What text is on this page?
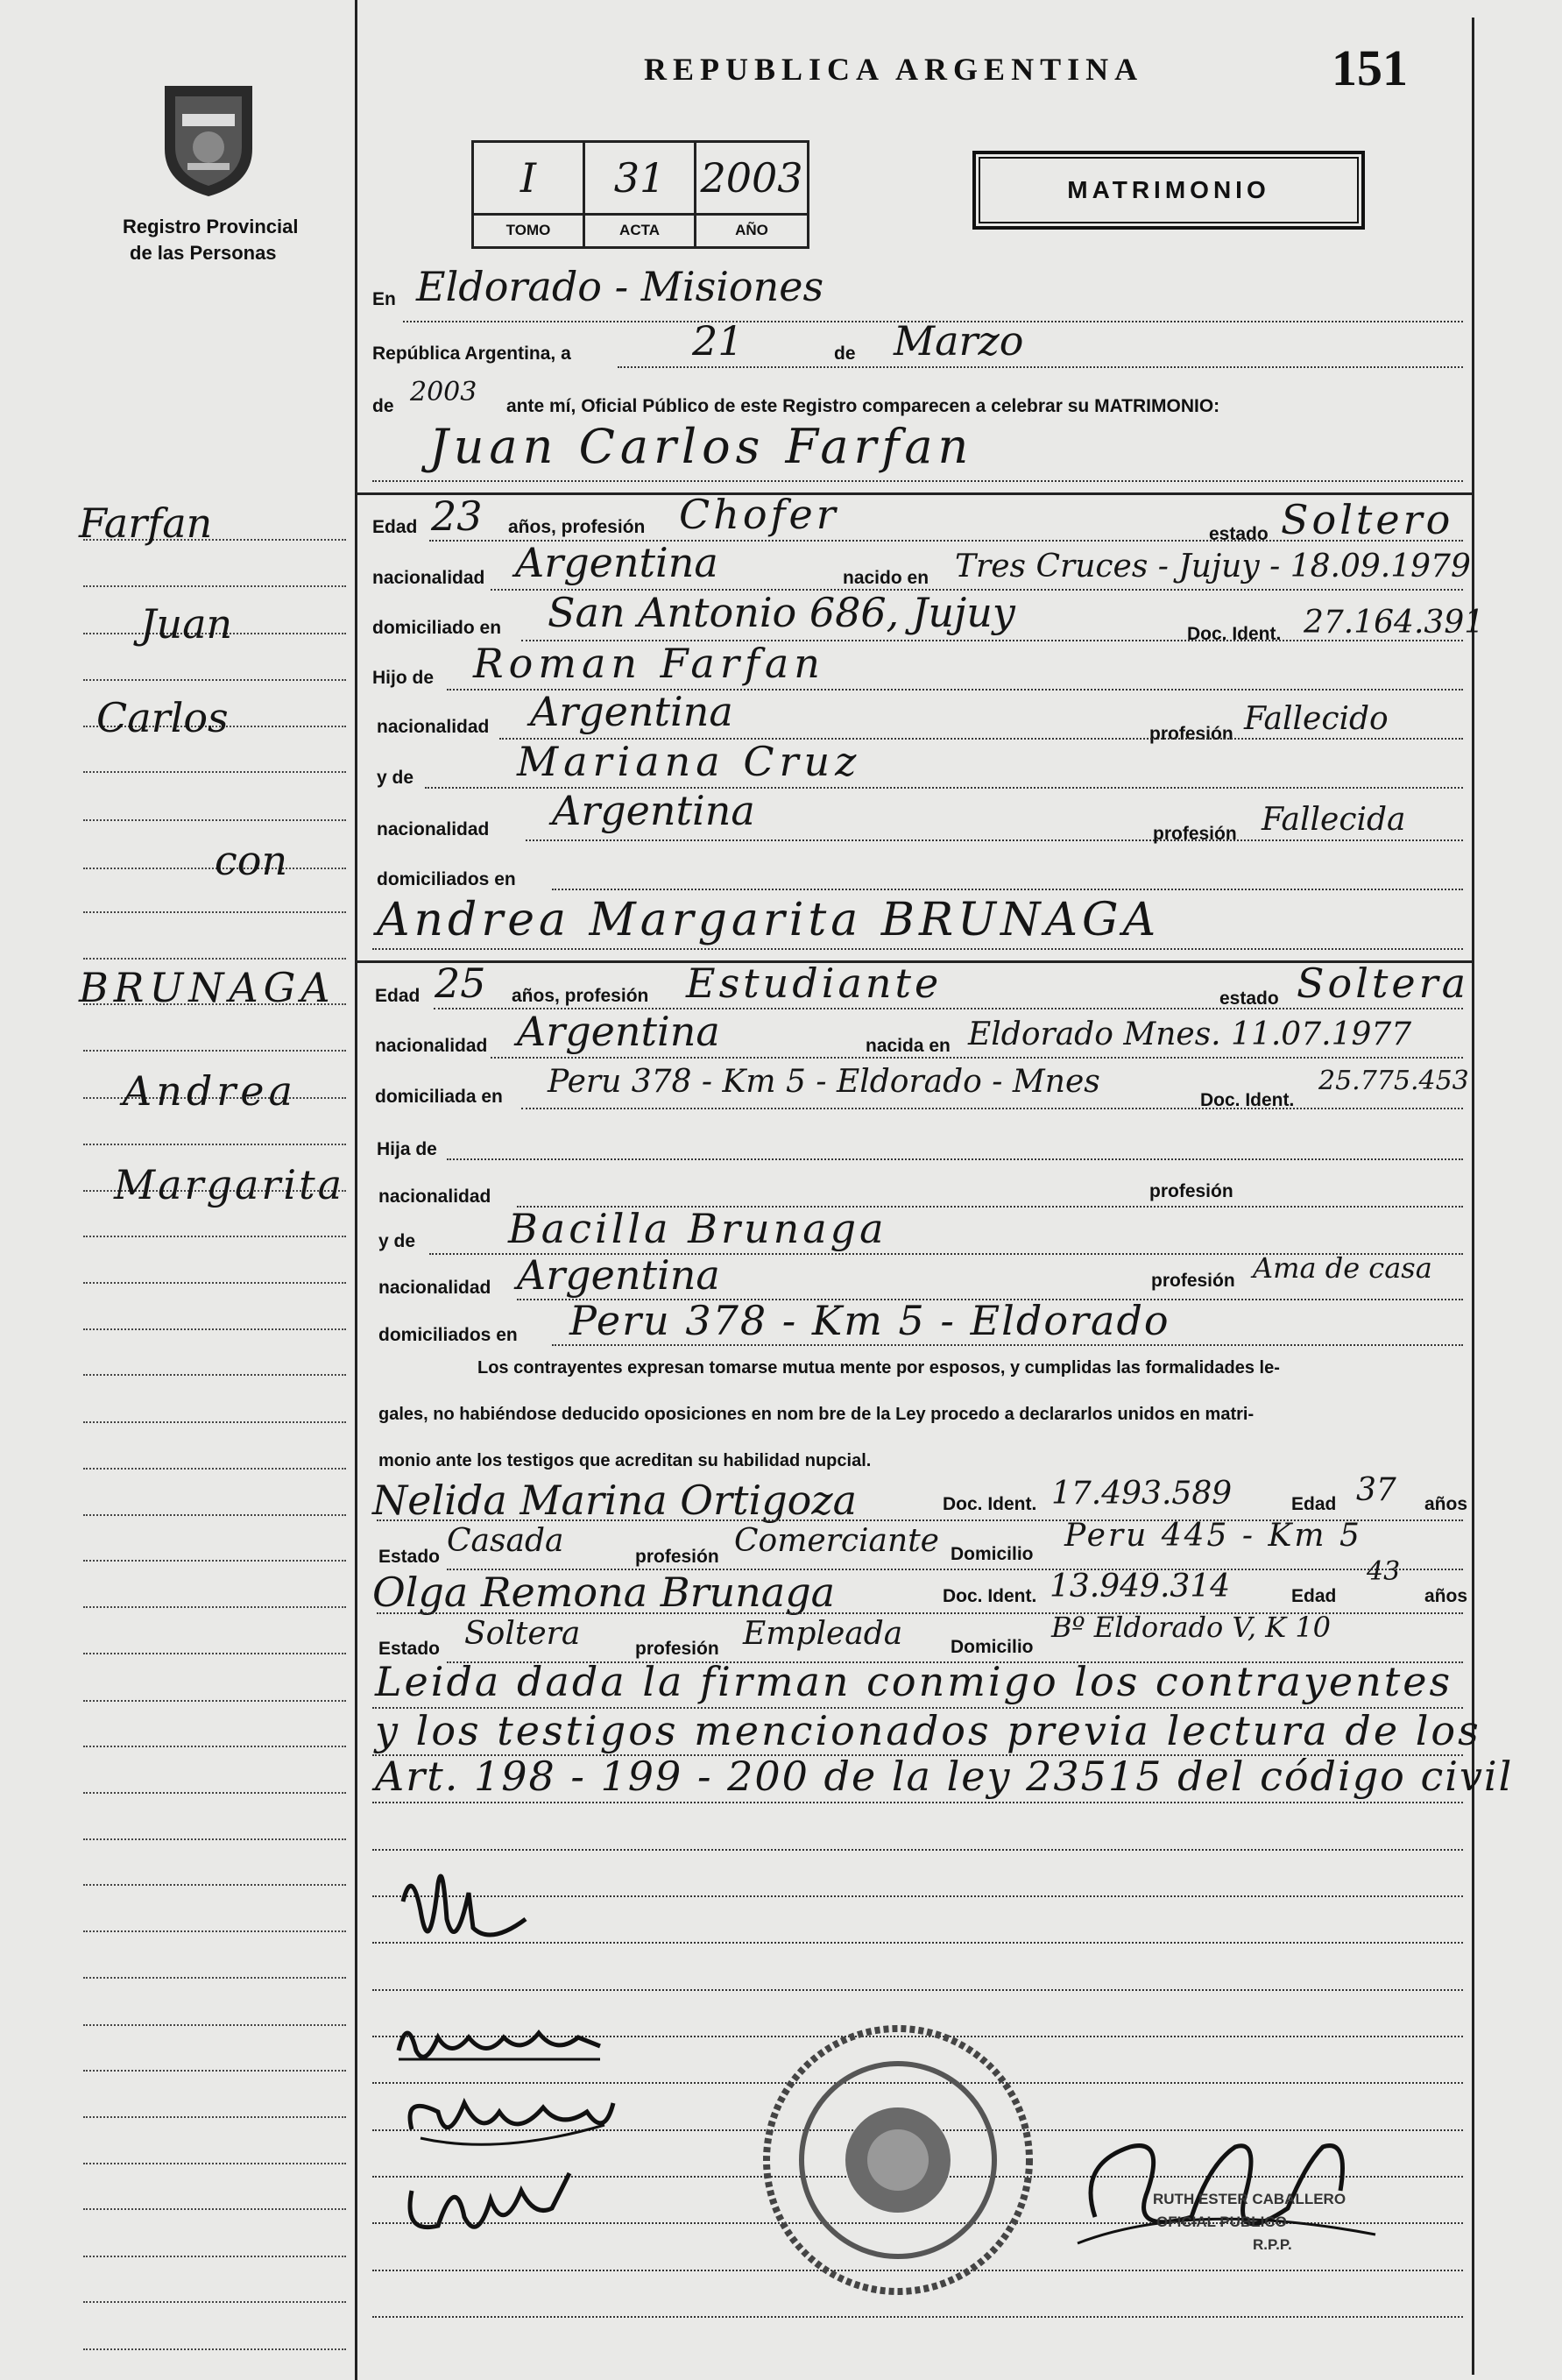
Registro Provincial
de las Personas
REPUBLICA ARGENTINA	151
I	31 2003
TOMO	ACTA	AÑO
MATRIMONIO
En Eldorado - Misiones
República Argentina, a	21	de Marzo
de 2003 ante mí, Oficial Público de este Registro comparecen a celebrar su MATRIMONIO:
Juan Carlos Farfan
Farfan
Juan
Carlos
con
BRUNAGA
Andrea
Margarita
Edad 23 años, profesión Chofer	estado Soltero
nacionalidad Argentina	nacido en Tres Cruces - Jujuy - 18.09.1979
domiciliado en San Antonio 686, Jujuy	Doc. Ident. 27.164.391
Hijo de Roman Farfan
nacionalidad Argentina	profesión Fallecido
y de	Mariana Cruz
nacionalidad Argentina	profesión Fallecida
domiciliados en
Andrea Margarita BRUNAGA
Edad 25 años, profesión Estudiante	estado Soltera
nacionalidad Argentina	nacida en Eldorado Mnes. 11.07.1977
domiciliada en Peru 378 - Km 5 - Eldorado - Mnes
Doc. Ident.
25.775.453
Hija de
nacionalidad	profesión
y de Bacilla Brunaga
nacionalidad Argentina	profesión Ama de casa
domiciliados en Peru 378 - Km 5 - Eldorado
Los contrayentes expresan tomarse mutua mente por esposos, y cumplidas las formalidades le-
gales, no habiéndose deducido oposiciones en nom bre de la Ley procedo a declararlos unidos en matri-
monio ante los testigos que acreditan su habilidad nupcial.
Nelida Marina Ortigoza	Doc. Ident. 17.493.589	Edad 37 años
Estado Casada	profesión Comerciante Domicilio
Peru 445 - Km 5
Olga Remona Brunaga	Doc. Ident. 13.949.314	Edad
43
años
Estado Soltera	profesión Empleada	Domicilio
Bº Eldorado V, K 10
Leida dada la firman conmigo los contrayentes
y los testigos mencionados previa lectura de los
Art. 198 - 199 - 200 de la ley 23515 del código civil
RUTH ESTER CABALLERO
OFICIAL PUBLICO
R.P.P.
